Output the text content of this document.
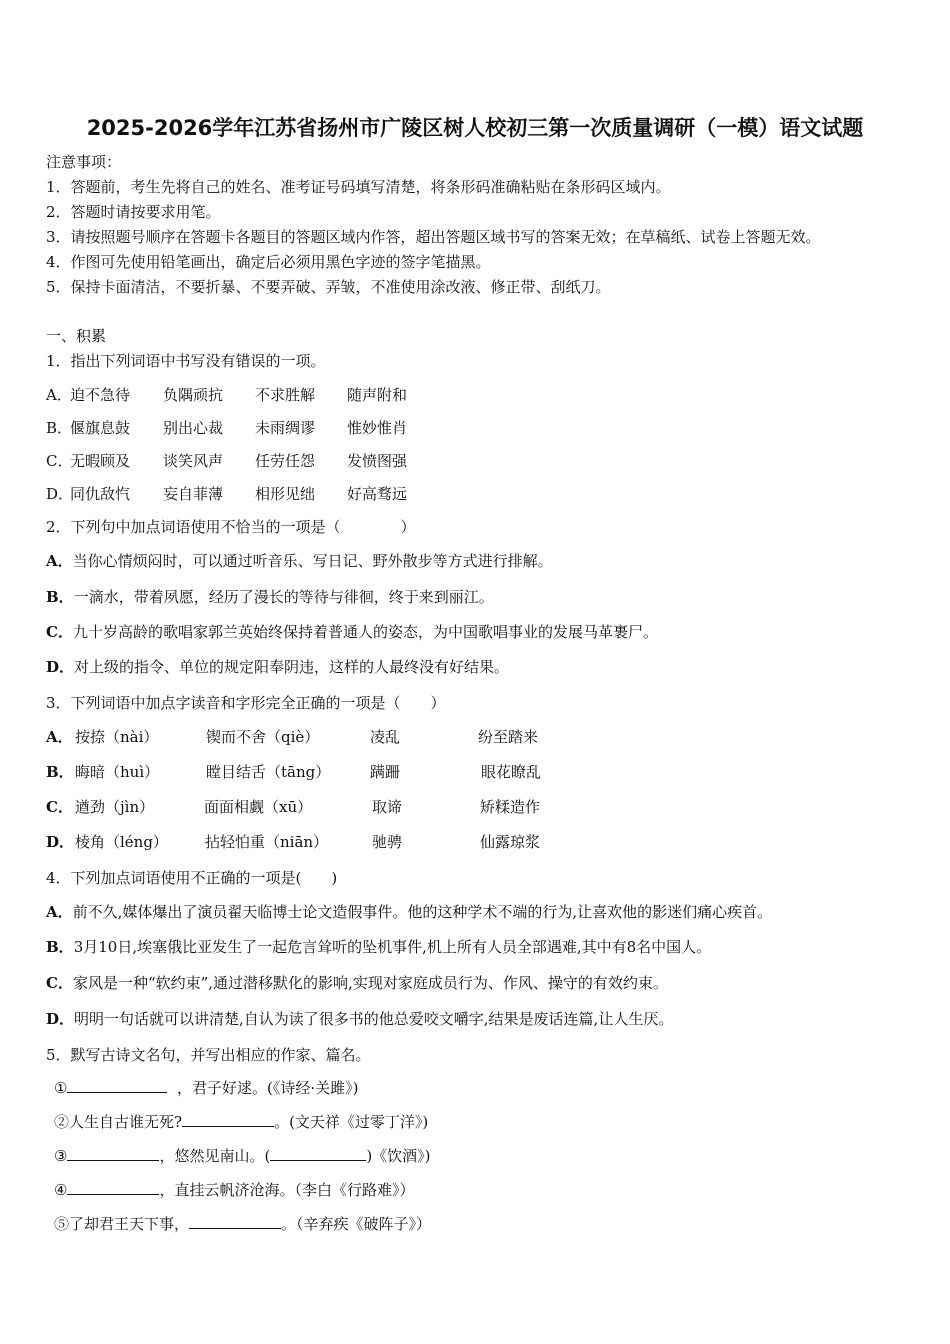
2025-2026学年江苏省扬州市广陵区树人校初三第一次质量调研（一模）语文试题
注意事项：
1．答题前，考生先将自己的姓名、准考证号码填写清楚，将条形码准确粘贴在条形码区域内。
2．答题时请按要求用笔。
3．请按照题号顺序在答题卡各题目的答题区域内作答，超出答题区域书写的答案无效；在草稿纸、试卷上答题无效。
4．作图可先使用铅笔画出，确定后必须用黑色字迹的签字笔描黑。
5．保持卡面清洁，不要折暴、不要弄破、弄皱，不准使用涂改液、修正带、刮纸刀。
一、积累
1．指出下列词语中书写没有错误的一项。
A．
迫不急待 负隅顽抗 不求胜解 随声附和
B．
偃旗息鼓 别出心裁 未雨绸谬 惟妙惟肖
C．
无暇顾及 谈笑风声 任劳任怨 发愤图强
D．
同仇敌忾 妄自菲薄 相形见绌 好高骛远
2．下列句中加点词语使用不恰当的一项是（　　　　）
A．当你心情烦闷时，可以通过听音乐、写日记、野外散步等方式进行排解。
B．一滴水，带着夙愿，经历了漫长的等待与徘徊，终于来到丽江。
C．九十岁高龄的歌唱家郭兰英始终保持着普通人的姿态，为中国歌唱事业的发展马革裹尸。
D．对上级的指令、单位的规定阳奉阴违，这样的人最终没有好结果。
3．下列词语中加点字读音和字形完全正确的一项是（　　）
A． 按捺（nài）	锲而不舍（qiè）	凌乱	纷至踏来
B． 晦暗（huì）	瞠目结舌（tāng）	蹒跚	眼花瞭乱
C． 遒劲（jìn）	面面相觑（xū）	取谛	矫糅造作
D． 棱角（léng） 拈轻怕重（niān）	驰骋	仙露琼浆
4．下列加点词语使用不正确的一项是(　　)
A．前不久,媒体爆出了演员翟天临博士论文造假事件。他的这种学术不端的行为,让喜欢他的影迷们痛心疾首。
B．3月10日,埃塞俄比亚发生了一起危言耸听的坠机事件,机上所有人员全部遇难,其中有8名中国人。
C．家风是一种“软约束”,通过潜移默化的影响,实现对家庭成员行为、作风、操守的有效约束。
D．明明一句话就可以讲清楚,自认为读了很多书的他总爱咬文嚼字,结果是废话连篇,让人生厌。
5．默写古诗文名句，并写出相应的作家、篇名。
①	，君子好逑。(《诗经·关雎》)
②人生自古谁无死?	。(文天祥《过零丁洋》)
③	，悠然见南山。(	)《饮酒》)
④	，直挂云帆济沧海。（李白《行路难》）
⑤了却君王天下事，	。（辛弃疾《破阵子》）
